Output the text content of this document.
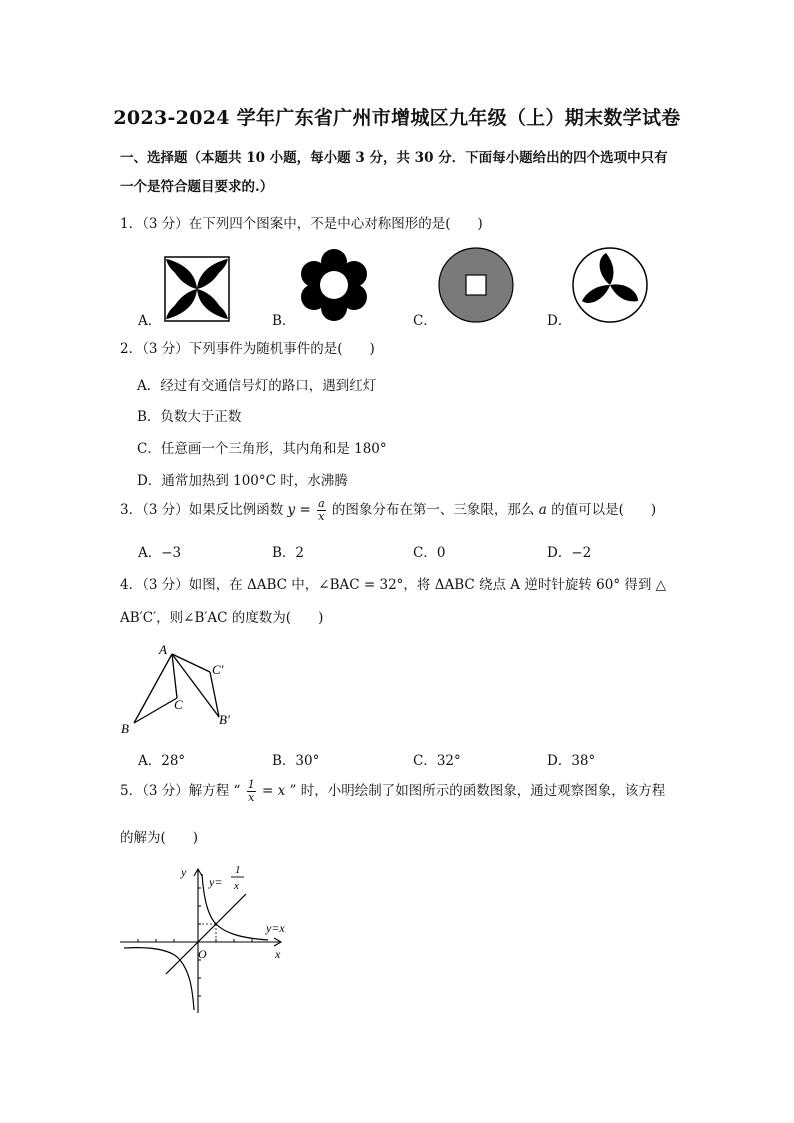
2023-2024 学年广东省广州市增城区九年级（上）期末数学试卷
一、选择题（本题共 10 小题，每小题 3 分，共 30 分．下面每小题给出的四个选项中只有
一个是符合题目要求的.）
1．（3 分）在下列四个图案中，不是中心对称图形的是(　　)
A．	B．	C．	D．
2．（3 分）下列事件为随机事件的是(　　)
A．经过有交通信号灯的路口，遇到红灯
B．负数大于正数
C．任意画一个三角形，其内角和是 180°
D．通常加热到 100°C 时，水沸腾
3．（3 分）如果反比例函数 $y = \frac{a}{x}$ 的图象分布在第一、三象限，那么 a 的值可以是(　　)
A．−3	B．2	C．0	D．−2
4．（3 分）如图，在 ΔABC 中，∠BAC = 32°，将 ΔABC 绕点 A 逆时针旋转 60° 得到 △
AB′C′，则∠B′AC 的度数为(　　)
A
B
C
C′
B′
A．28°	B．30°	C．32°	D．38°
5．（3 分）解方程 “ $\frac{1}{x} = x$ ” 时，小明绘制了如图所示的函数图象，通过观察图象，该方程
的解为(　　)
y
x
O
y=
1
x
y=x
